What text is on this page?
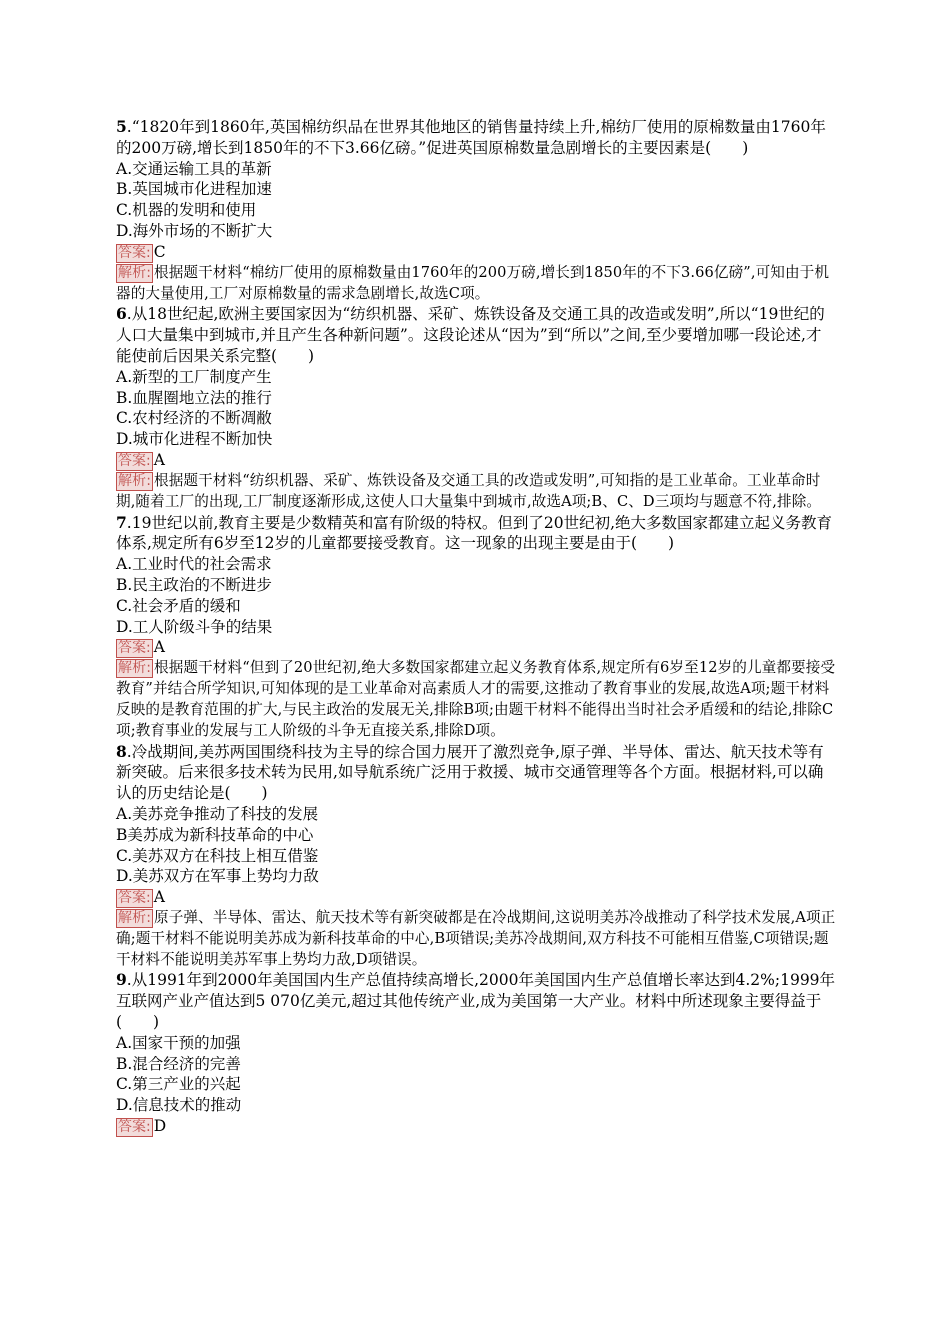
5.“1820年到1860年,英国棉纺织品在世界其他地区的销售量持续上升,棉纺厂使用的原棉数量由1760年的200万磅,增长到1850年的不下3.66亿磅。”促进英国原棉数量急剧增长的主要因素是(　　)

A.交通运输工具的革新

B.英国城市化进程加速

C.机器的发明和使用

D.海外市场的不断扩大

答案: C

解析: 根据题干材料“棉纺厂使用的原棉数量由1760年的200万磅,增长到1850年的不下3.66亿磅”,可知由于机器的大量使用,工厂对原棉数量的需求急剧增长,故选C项。

6.从18世纪起,欧洲主要国家因为“纺织机器、采矿、炼铁设备及交通工具的改造或发明”,所以“19世纪的人口大量集中到城市,并且产生各种新问题”。这段论述从“因为”到“所以”之间,至少要增加哪一段论述,才能使前后因果关系完整(　　)

A.新型的工厂制度产生

B.血腥圈地立法的推行

C.农村经济的不断凋敝

D.城市化进程不断加快

答案: A

解析: 根据题干材料“纺织机器、采矿、炼铁设备及交通工具的改造或发明”,可知指的是工业革命。工业革命时期,随着工厂的出现,工厂制度逐渐形成,这使人口大量集中到城市,故选A项;B、C、D三项均与题意不符,排除。

7.19世纪以前,教育主要是少数精英和富有阶级的特权。但到了20世纪初,绝大多数国家都建立起义务教育体系,规定所有6岁至12岁的儿童都要接受教育。这一现象的出现主要是由于(　　)

A.工业时代的社会需求

B.民主政治的不断进步

C.社会矛盾的缓和

D.工人阶级斗争的结果

答案: A

解析: 根据题干材料“但到了20世纪初,绝大多数国家都建立起义务教育体系,规定所有6岁至12岁的儿童都要接受教育”并结合所学知识,可知体现的是工业革命对高素质人才的需要,这推动了教育事业的发展,故选A项;题干材料反映的是教育范围的扩大,与民主政治的发展无关,排除B项;由题干材料不能得出当时社会矛盾缓和的结论,排除C项;教育事业的发展与工人阶级的斗争无直接关系,排除D项。

8.冷战期间,美苏两国围绕科技为主导的综合国力展开了激烈竞争,原子弹、半导体、雷达、航天技术等有新突破。后来很多技术转为民用,如导航系统广泛用于救援、城市交通管理等各个方面。根据材料,可以确认的历史结论是(　　)

A.美苏竞争推动了科技的发展

B美苏成为新科技革命的中心

C.美苏双方在科技上相互借鉴

D.美苏双方在军事上势均力敌

答案: A

解析: 原子弹、半导体、雷达、航天技术等有新突破都是在冷战期间,这说明美苏冷战推动了科学技术发展,A项正确;题干材料不能说明美苏成为新科技革命的中心,B项错误;美苏冷战期间,双方科技不可能相互借鉴,C项错误;题干材料不能说明美苏军事上势均力敌,D项错误。

9.从1991年到2000年美国国内生产总值持续高增长,2000年美国国内生产总值增长率达到4.2%;1999年互联网产业产值达到5 070亿美元,超过其他传统产业,成为美国第一大产业。材料中所述现象主要得益于(　　)

A.国家干预的加强

B.混合经济的完善

C.第三产业的兴起

D.信息技术的推动

答案: D
